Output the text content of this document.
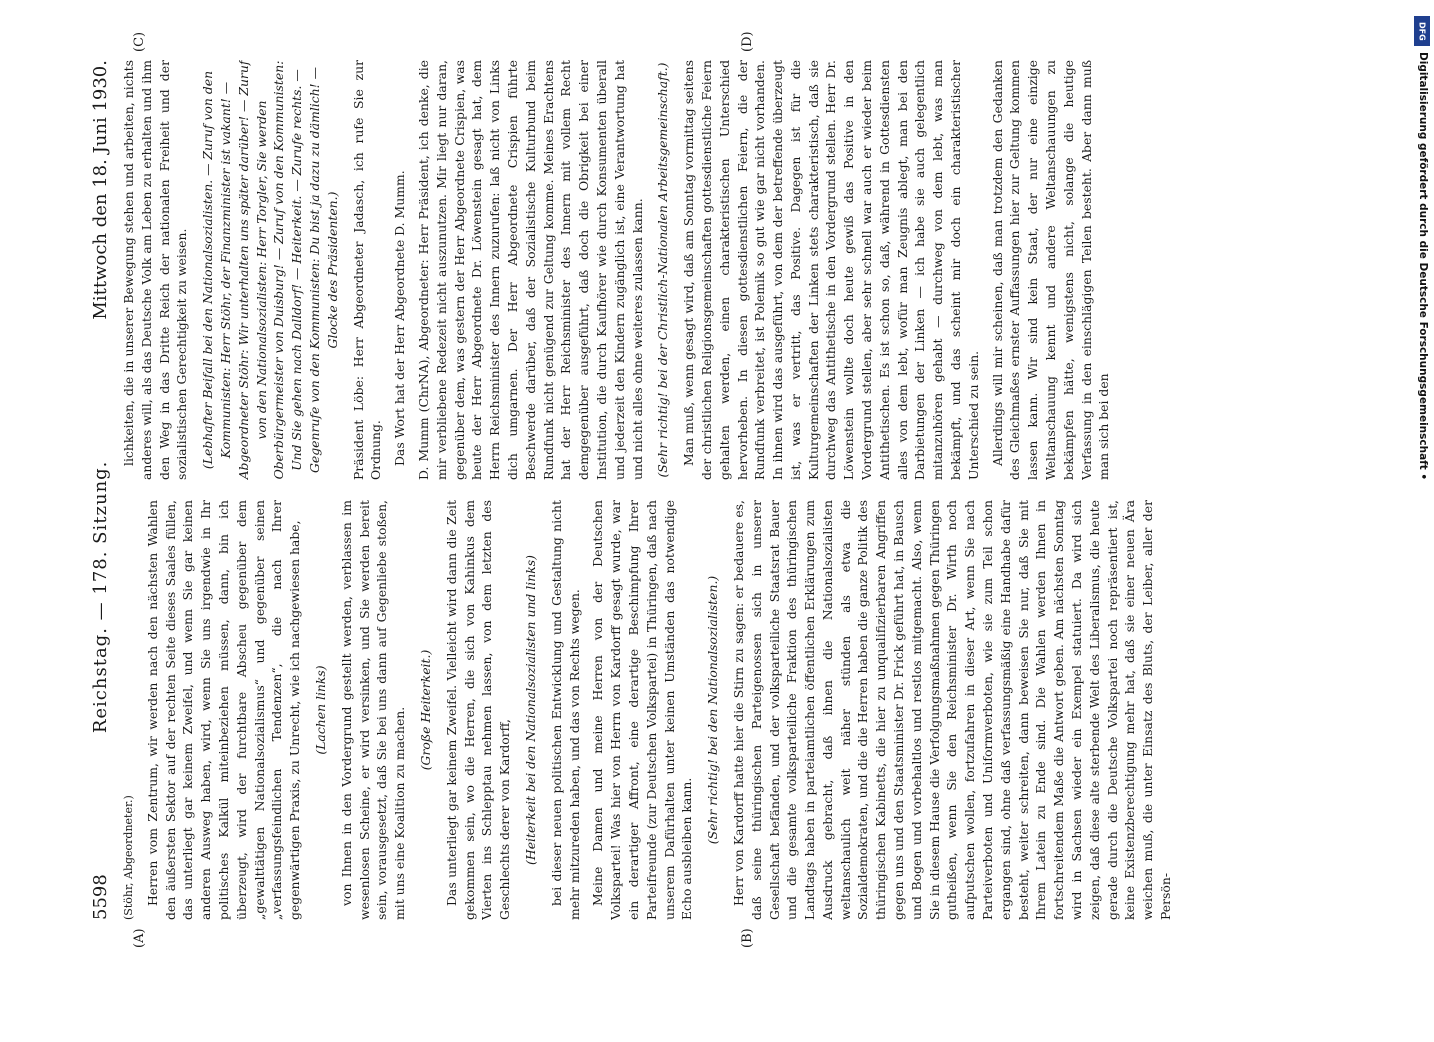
5598
Reichstag. — 178. Sitzung.
Mittwoch den 18. Juni 1930.
(A)	(B)
(C)	(D)

(Stöhr, Abgeordneter.) Herren vom Zentrum, wir werden nach den nächsten Wahlen den äußersten Sektor auf der rechten Seite dieses Saales füllen, das unterliegt gar keinem Zweifel, und wenn Sie gar keinen anderen Ausweg haben, wird, wenn Sie uns irgendwie in Ihr politisches Kalkül miteinbeziehen müssen, dann, bin ich überzeugt, wird der furchtbare Abscheu gegenüber dem „gewalttätigen Nationalsozialismus“ und gegenüber seinen „verfassungsfeindlichen Tendenzen“, die nach Ihrer gegenwärtigen Praxis, zu Unrecht, wie ich nachgewiesen habe, (Lachen links) von Ihnen in den Vordergrund gestellt werden, verblassen im wesenlosen Scheine, er wird versinken, und Sie werden bereit sein, vorausgesetzt, daß Sie bei uns dann auf Gegenliebe stoßen, mit uns eine Koalition zu machen. (Große Heiterkeit.) Das unterliegt gar keinem Zweifel. Vielleicht wird dann die Zeit gekommen sein, wo die Herren, die sich von Kahinkus dem Vierten ins Schlepptau nehmen lassen, von dem letzten des Geschlechts derer von Kardorff, (Heiterkeit bei den Nationalsozialisten und links) bei dieser neuen politischen Entwicklung und Gestaltung nicht mehr mitzureden haben, und das von Rechts wegen. Meine Damen und meine Herren von der Deutschen Volkspartei! Was hier von Herrn von Kardorff gesagt wurde, war ein derartiger Affront, eine derartige Beschimpfung Ihrer Parteifreunde (zur Deutschen Volkspartei) in Thüringen, daß nach unserem Dafürhalten unter keinen Umständen das notwendige Echo ausbleiben kann.

(Sehr richtig! bei den Nationalsozialisten.) Herr von Kardorff hatte hier die Stirn zu sagen: er bedauere es, daß seine thüringischen Parteigenossen sich in unserer Gesellschaft befänden, und der volksparteiliche Staatsrat Bauer und die gesamte volksparteiliche Fraktion des thüringischen Landtags haben in parteiamtlichen öffentlichen Erklärungen zum Ausdruck gebracht, daß ihnen die Nationalsozialisten weltanschaulich weit näher stünden als etwa die Sozialdemokraten, und die die Herren haben die ganze Politik des thüringischen Kabinetts, die hier zu unqualifizierbaren Angriffen gegen uns und den Staatsminister Dr. Frick geführt hat, in Bausch und Bogen und vorbehaltlos und restlos mitgemacht. Also, wenn Sie in diesem Hause die Verfolgungsmaßnahmen gegen Thüringen gutheißen, wenn Sie den Reichsminister Dr. Wirth noch aufputschen wollen, fortzufahren in dieser Art, wenn Sie nach Parteiverboten und Uniformverboten, wie sie zum Teil schon ergangen sind, ohne daß verfassungsmäßig eine Handhabe dafür besteht, weiter schreiten, dann beweisen Sie nur, daß Sie mit Ihrem Latein zu Ende sind. Die Wahlen werden Ihnen in fortschreitendem Maße die Antwort geben. Am nächsten Sonntag wird in Sachsen wieder ein Exempel statuiert. Da wird sich zeigen, daß diese alte sterbende Welt des Liberalismus, die heute gerade durch die Deutsche Volkspartei noch repräsentiert ist, keine Existenzberechtigung mehr hat, daß sie einer neuen Ära weichen muß, die unter Einsatz des Bluts, der Leiber, aller der Persön-

lichkeiten, die in unserer Bewegung stehen und arbeiten, nichts anderes will, als das Deutsche Volk am Leben zu erhalten und ihm den Weg in das Dritte Reich der nationalen Freiheit und der sozialistischen Gerechtigkeit zu weisen. (Lebhafter Beifall bei den Nationalsozialisten. — Zuruf von den Kommunisten: Herr Stöhr, der Finanzminister ist vakant! — Abgeordneter Stöhr: Wir unterhalten uns später darüber! — Zuruf von den Nationalsozialisten: Herr Torgler, Sie werden Oberbürgermeister von Duisburg! — Zuruf von den Kommunisten: Und Sie gehen nach Dalldorf! — Heiterkeit. — Zurufe rechts. — Gegenrufe von den Kommunisten: Du bist ja dazu zu dämlich! — Glocke des Präsidenten.) Präsident Löbe: Herr Abgeordneter Jadasch, ich rufe Sie zur Ordnung. Das Wort hat der Herr Abgeordnete D. Mumm. D. Mumm (ChrNA), Abgeordneter: Herr Präsident, ich denke, die mir verbliebene Redezeit nicht auszunutzen. Mir liegt nur daran, gegenüber dem, was gestern der Herr Abgeordnete Crispien, was heute der Herr Abgeordnete Dr. Löwenstein gesagt hat, dem Herrn Reichsminister des Innern zuzurufen: laß nicht von Links dich umgarnen. Der Herr Abgeordnete Crispien führte Beschwerde darüber, daß der Sozialistische Kulturbund beim Rundfunk nicht genügend zur Geltung komme. Meines Erachtens hat der Herr Reichsminister des Innern mit vollem Recht demgegenüber ausgeführt, daß doch die Obrigkeit bei einer Institution, die durch Kaufhörer wie durch Konsumenten überall und jederzeit den Kindern zugänglich ist, eine Verantwortung hat und nicht alles ohne weiteres zulassen kann. (Sehr richtig! bei der Christlich-Nationalen Arbeitsgemeinschaft.) Man muß, wenn gesagt wird, daß am Sonntag vormittag seitens der christlichen Religionsgemeinschaften gottesdienstliche Feiern gehalten werden, einen charakteristischen Unterschied hervorheben. In diesen gottesdienstlichen Feiern, die der Rundfunk verbreitet, ist Polemik so gut wie gar nicht vorhanden. In ihnen wird das ausgeführt, von dem der betreffende überzeugt ist, was er vertritt, das Positive. Dagegen ist für die Kulturgemeinschaften der Linken stets charakteristisch, daß sie durchweg das Antithetische in den Vordergrund stellen. Herr Dr. Löwenstein wollte doch heute gewiß das Positive in den Vordergrund stellen, aber sehr schnell war auch er wieder beim Antithetischen. Es ist schon so, daß, während in Gottesdiensten alles von dem lebt, wofür man Zeugnis ablegt, man bei den Darbietungen der Linken — ich habe sie auch gelegentlich mitanzuhören gehabt — durchweg von dem lebt, was man bekämpft, und das scheint mir doch ein charakteristischer Unterschied zu sein. Allerdings will mir scheinen, daß man trotzdem den Gedanken des Gleichmaßes ernster Auffassungen hier zur Geltung kommen lassen kann. Wir sind kein Staat, der nur eine einzige Weltanschauung kennt und andere Weltanschauungen zu bekämpfen hätte, wenigstens nicht, solange die heutige Verfassung in den einschlägigen Teilen besteht. Aber dann muß man sich bei den

DFG
Digitalisierung gefördert durch die Deutsche Forschungsgemeinschaft •
